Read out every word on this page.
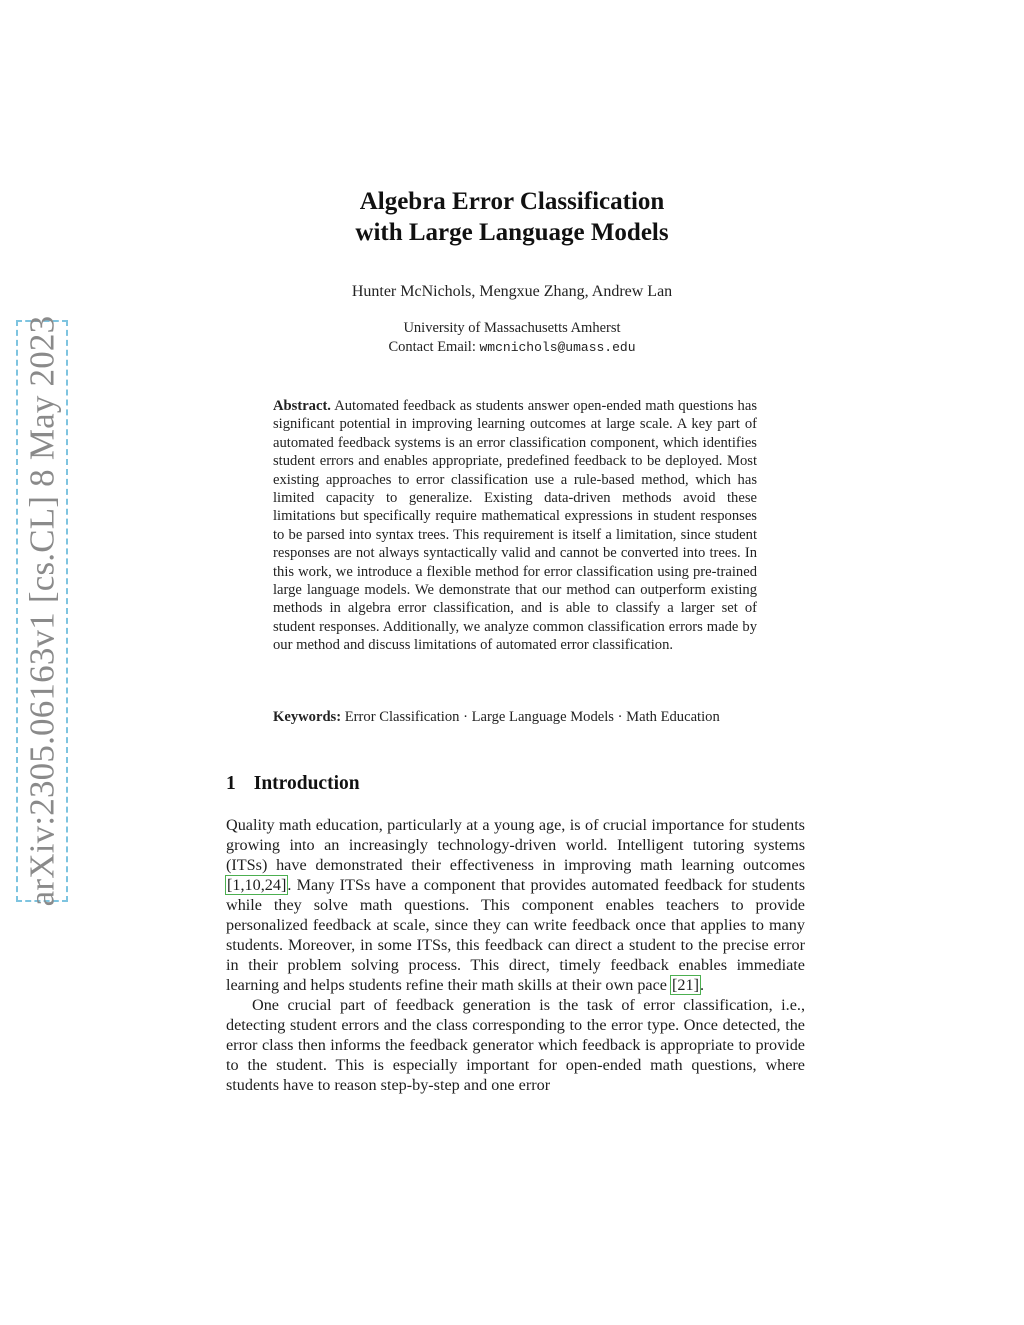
arXiv:2305.06163v1 [cs.CL] 8 May 2023
Algebra Error Classification
with Large Language Models
Hunter McNichols, Mengxue Zhang, Andrew Lan
University of Massachusetts Amherst
Contact Email: wmcnichols@umass.edu
Abstract. Automated feedback as students answer open-ended math questions has significant potential in improving learning outcomes at large scale. A key part of automated feedback systems is an error classification component, which identifies student errors and enables appropriate, predefined feedback to be deployed. Most existing approaches to error classification use a rule-based method, which has limited capacity to generalize. Existing data-driven methods avoid these limitations but specifically require mathematical expressions in student responses to be parsed into syntax trees. This requirement is itself a limitation, since student responses are not always syntactically valid and cannot be converted into trees. In this work, we introduce a flexible method for error classification using pre-trained large language models. We demonstrate that our method can outperform existing methods in algebra error classification, and is able to classify a larger set of student responses. Additionally, we analyze common classification errors made by our method and discuss limitations of automated error classification.
Keywords: Error Classification · Large Language Models · Math Education
1 Introduction

Quality math education, particularly at a young age, is of crucial importance for students growing into an increasingly technology-driven world. Intelligent tutoring systems (ITSs) have demonstrated their effectiveness in improving math learning outcomes [1,10,24]. Many ITSs have a component that provides automated feedback for students while they solve math questions. This component enables teachers to provide personalized feedback at scale, since they can write feedback once that applies to many students. Moreover, in some ITSs, this feedback can direct a student to the precise error in their problem solving process. This direct, timely feedback enables immediate learning and helps students refine their math skills at their own pace [21].

One crucial part of feedback generation is the task of error classification, i.e., detecting student errors and the class corresponding to the error type. Once detected, the error class then informs the feedback generator which feedback is appropriate to provide to the student. This is especially important for open-ended math questions, where students have to reason step-by-step and one error
